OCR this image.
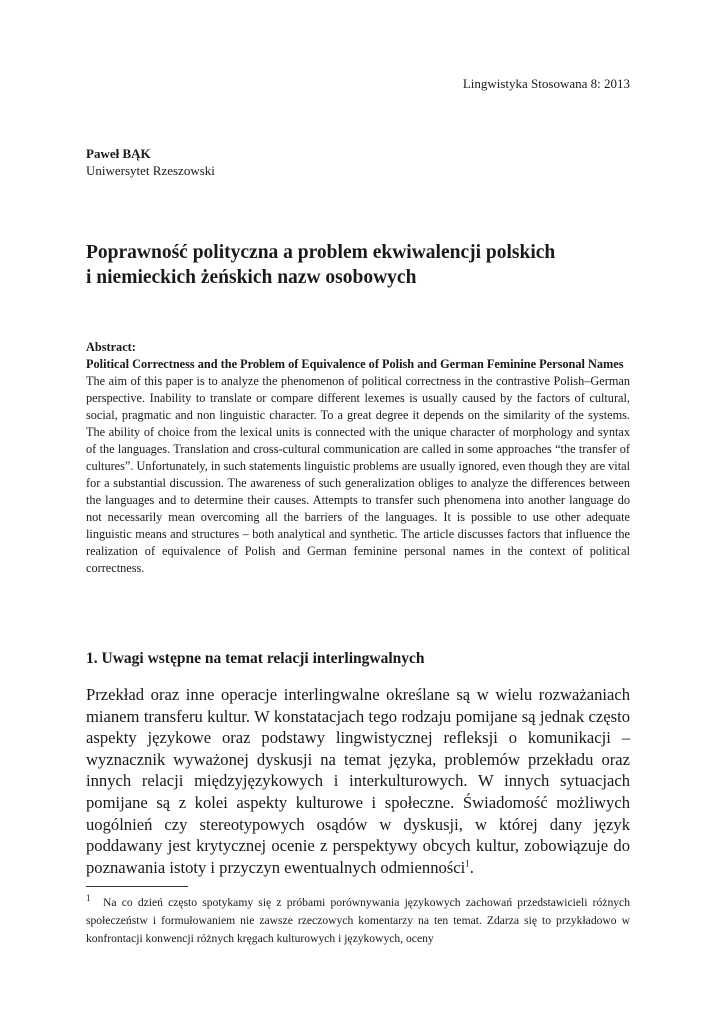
Lingwistyka Stosowana 8: 2013
Paweł BĄK
Uniwersytet Rzeszowski
Poprawność polityczna a problem ekwiwalencji polskich
i niemieckich żeńskich nazw osobowych
Abstract:
Political Correctness and the Problem of Equivalence of Polish and German Feminine Personal Names

The aim of this paper is to analyze the phenomenon of political correctness in the contrastive Polish–German perspective. Inability to translate or compare different lexemes is usually caused by the factors of cultural, social, pragmatic and non linguistic character. To a great degree it depends on the similarity of the systems. The ability of choice from the lexical units is connected with the unique character of morphology and syntax of the languages. Translation and cross-cultural communication are called in some approaches “the transfer of cultures”. Unfortunately, in such statements linguistic problems are usually ignored, even though they are vital for a substantial discussion. The awareness of such generalization obliges to analyze the differences between the languages and to determine their causes. Attempts to transfer such phenomena into another language do not necessarily mean overcoming all the barriers of the languages. It is possible to use other adequate linguistic means and structures – both analytical and synthetic. The article discusses factors that influence the realization of equivalence of Polish and German feminine personal names in the context of political correctness.

1. Uwagi wstępne na temat relacji interlingwalnych

Przekład oraz inne operacje interlingwalne określane są w wielu rozważaniach mianem transferu kultur. W konstatacjach tego rodzaju pomijane są jednak często aspekty językowe oraz podstawy lingwistycznej refleksji o komunikacji – wyznacznik wyważonej dyskusji na temat języka, problemów przekładu oraz innych relacji międzyjęzykowych i interkulturowych. W innych sytuacjach pomijane są z kolei aspekty kulturowe i społeczne. Świadomość możliwych uogólnień czy stereotypowych osądów w dyskusji, w której dany język poddawany jest krytycznej ocenie z perspektywy obcych kultur, zobowiązuje do poznawania istoty i przyczyn ewentualnych odmienności$^1$.

1 Na co dzień często spotykamy się z próbami porównywania językowych zachowań przedstawicieli różnych społeczeństw i formułowaniem nie zawsze rzeczowych komentarzy na ten temat. Zdarza się to przykładowo w konfrontacji konwencji różnych kręgach kulturowych i językowych, oceny
